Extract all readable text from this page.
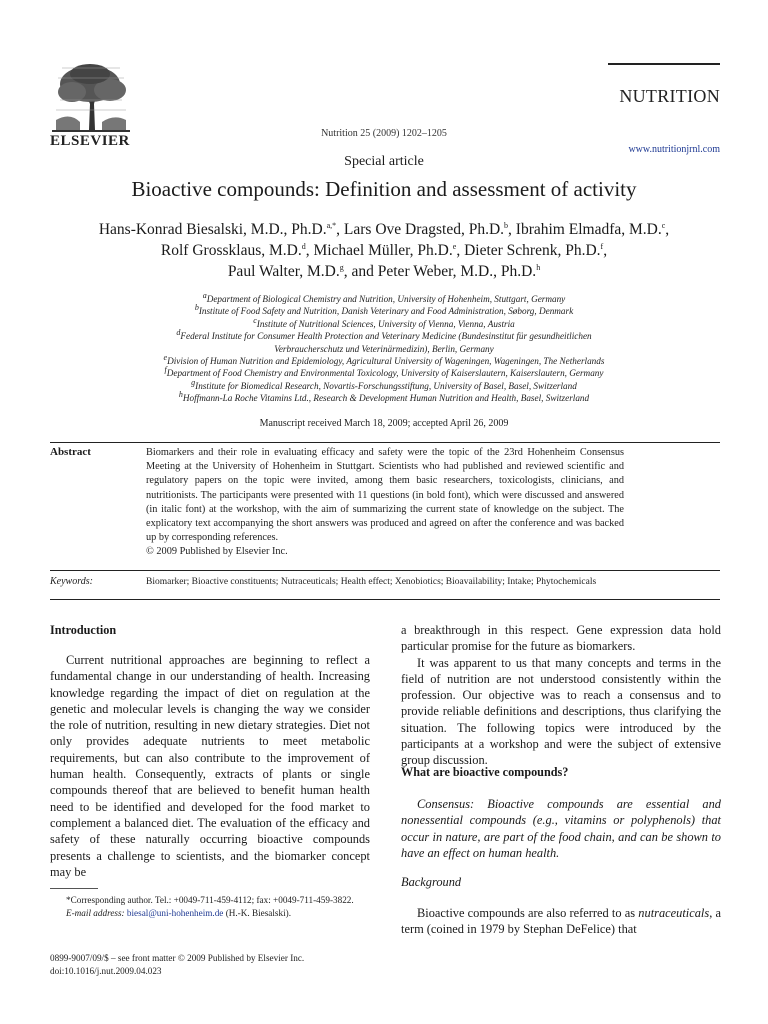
ELSEVIER	Nutrition 25 (2009) 1202–1205
NUTRITION
www.nutritionjrnl.com
Special article
Bioactive compounds: Definition and assessment of activity
Hans-Konrad Biesalski, M.D., Ph.D.$^{a,*}$, Lars Ove Dragsted, Ph.D.$^b$, Ibrahim Elmadfa, M.D.$^c$,
Rolf Grossklaus, M.D.$^d$, Michael Müller, Ph.D.$^e$, Dieter Schrenk, Ph.D.$^f$,
Paul Walter, M.D.$^g$, and Peter Weber, M.D., Ph.D.$^h$
$^a$Department of Biological Chemistry and Nutrition, University of Hohenheim, Stuttgart, Germany
$^b$Institute of Food Safety and Nutrition, Danish Veterinary and Food Administration, Søborg, Denmark
$^c$Institute of Nutritional Sciences, University of Vienna, Vienna, Austria
$^d$Federal Institute for Consumer Health Protection and Veterinary Medicine (Bundesinstitut für gesundheitlichen
Verbraucherschutz und Veterinärmedizin), Berlin, Germany
$^e$Division of Human Nutrition and Epidemiology, Agricultural University of Wageningen, Wageningen, The Netherlands
$^f$Department of Food Chemistry and Environmental Toxicology, University of Kaiserslautern, Kaiserslautern, Germany
$^g$Institute for Biomedical Research, Novartis-Forschungsstiftung, University of Basel, Basel, Switzerland
$^h$Hoffmann-La Roche Vitamins Ltd., Research & Development Human Nutrition and Health, Basel, Switzerland
Manuscript received March 18, 2009; accepted April 26, 2009
Abstract	Biomarkers and their role in evaluating efficacy and safety were the topic of the 23rd Hohenheim Consensus Meeting at the University of Hohenheim in Stuttgart. Scientists who had published and reviewed scientific and regulatory papers on the topic were invited, among them basic researchers, toxicologists, clinicians, and nutritionists. The participants were presented with 11 questions (in bold font), which were discussed and answered (in italic font) at the workshop, with the aim of summarizing the current state of knowledge on the subject. The explicatory text accompanying the short answers was produced and agreed on after the conference and was backed up by corresponding references.
© 2009 Published by Elsevier Inc.
Keywords:	Biomarker; Bioactive constituents; Nutraceuticals; Health effect; Xenobiotics; Bioavailability; Intake; Phytochemicals
Introduction

Current nutritional approaches are beginning to reflect a fundamental change in our understanding of health. Increasing knowledge regarding the impact of diet on regulation at the genetic and molecular levels is changing the way we consider the role of nutrition, resulting in new dietary strategies. Diet not only provides adequate nutrients to meet metabolic requirements, but can also contribute to the improvement of human health. Consequently, extracts of plants or single compounds thereof that are believed to benefit human health need to be identified and developed for the food market to complement a balanced diet. The evaluation of the efficacy and safety of these naturally occurring bioactive compounds presents a challenge to scientists, and the biomarker concept may be

*Corresponding author. Tel.: +0049-711-459-4112; fax: +0049-711-459-3822.
E-mail address: biesal@uni-hohenheim.de (H.-K. Biesalski).
0899-9007/09/$ – see front matter © 2009 Published by Elsevier Inc.
doi:10.1016/j.nut.2009.04.023

a breakthrough in this respect. Gene expression data hold particular promise for the future as biomarkers.

It was apparent to us that many concepts and terms in the field of nutrition are not understood consistently within the profession. Our objective was to reach a consensus and to provide reliable definitions and descriptions, thus clarifying the situation. The following topics were introduced by the participants at a workshop and were the subject of extensive group discussion.

What are bioactive compounds?

Consensus: Bioactive compounds are essential and nonessential compounds (e.g., vitamins or polyphenols) that occur in nature, are part of the food chain, and can be shown to have an effect on human health.

Background

Bioactive compounds are also referred to as nutraceuticals, a term (coined in 1979 by Stephan DeFelice) that
